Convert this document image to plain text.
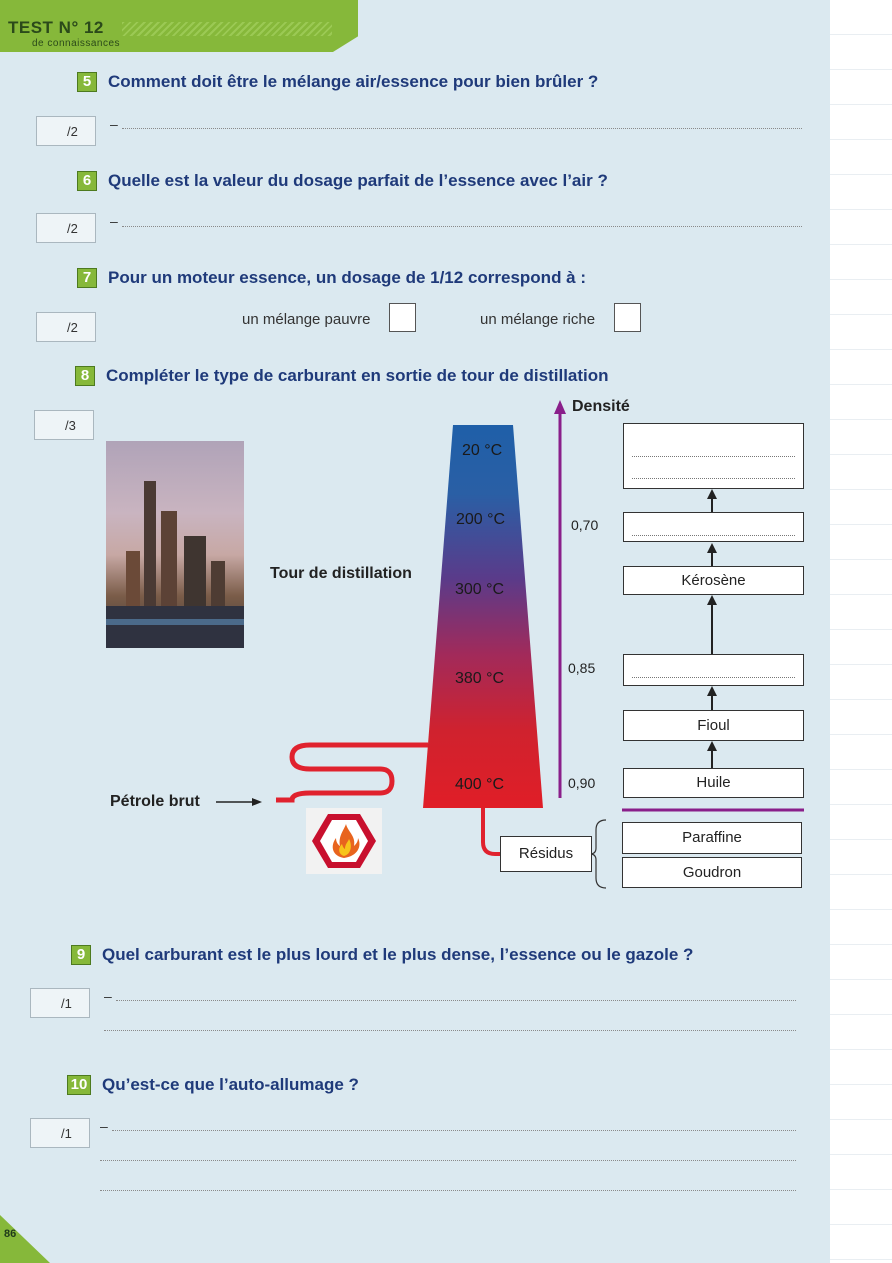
TEST N° 12
de connaissances
5 Comment doit être le mélange air/essence pour bien brûler ?
/2	–
6 Quelle est la valeur du dosage parfait de l’essence avec l’air ?
/2	–
7 Pour un moteur essence, un dosage de 1/12 correspond à :
/2	un mélange pauvre	un mélange riche
8 Compléter le type de carburant en sortie de tour de distillation
/3
20 °C
200 °C
300 °C
380 °C
400 °C
Tour de distillation
Pétrole brut
Densité
0,70
0,85
0,90
Kérosène
Fioul
Huile
Résidus
Paraffine
Goudron
9 Quel carburant est le plus lourd et le plus dense, l’essence ou le gazole ?
/1	–
10 Qu’est-ce que l’auto-allumage ?
/1	–
86
